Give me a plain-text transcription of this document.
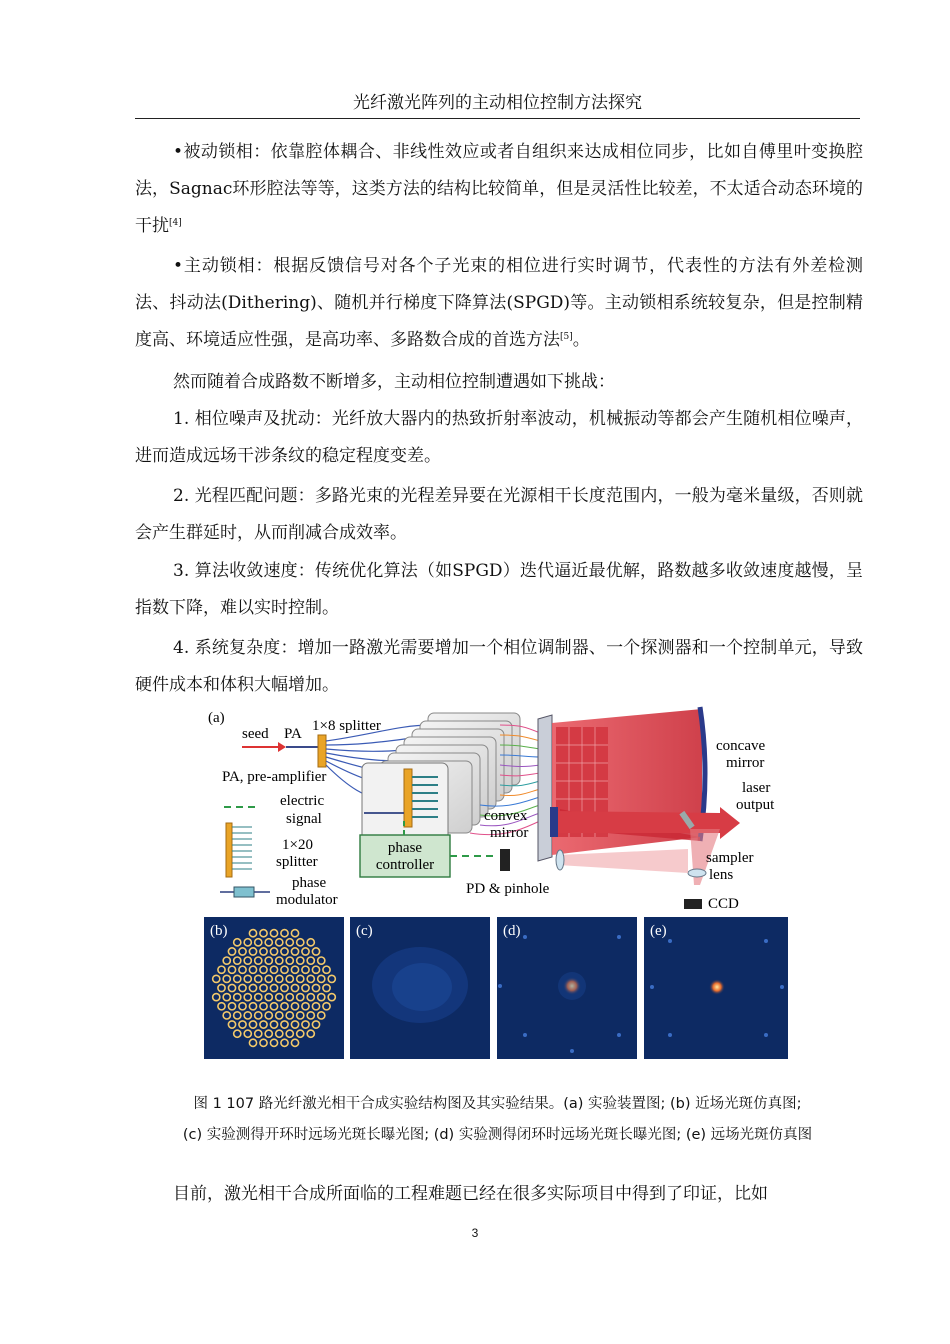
光纤激光阵列的主动相位控制方法探究

•被动锁相：依靠腔体耦合、非线性效应或者自组织来达成相位同步，比如自傅里叶变换腔法，Sagnac环形腔法等等，这类方法的结构比较简单，但是灵活性比较差，不太适合动态环境的干扰[4]

•主动锁相：根据反馈信号对各个子光束的相位进行实时调节，代表性的方法有外差检测法、抖动法(Dithering)、随机并行梯度下降算法(SPGD)等。主动锁相系统较复杂，但是控制精度高、环境适应性强，是高功率、多路数合成的首选方法[5]。

然而随着合成路数不断增多，主动相位控制遭遇如下挑战：

1. 相位噪声及扰动：光纤放大器内的热致折射率波动，机械振动等都会产生随机相位噪声，进而造成远场干涉条纹的稳定程度变差。

2. 光程匹配问题：多路光束的光程差异要在光源相干长度范围内，一般为毫米量级，否则就会产生群延时，从而削减合成效率。

3. 算法收敛速度：传统优化算法（如SPGD）迭代逼近最优解，路数越多收敛速度越慢，呈指数下降，难以实时控制。

4. 系统复杂度：增加一路激光需要增加一个相位调制器、一个探测器和一个控制单元，导致硬件成本和体积大幅增加。

(a)
seed PA 1×8 splitter
PA, pre-amplifier
concave
mirror
laser
output
convex
mirror
sampler
lens
CCD
PD & pinhole
phase
controller
electric
signal
1×20
splitter
phase
modulator
(b)	(c)	(d)	(e)
图 1 107 路光纤激光相干合成实验结构图及其实验结果。(a) 实验装置图; (b) 近场光斑仿真图;
(c) 实验测得开环时远场光斑长曝光图; (d) 实验测得闭环时远场光斑长曝光图; (e) 远场光斑仿真图

目前，激光相干合成所面临的工程难题已经在很多实际项目中得到了印证，比如

3
